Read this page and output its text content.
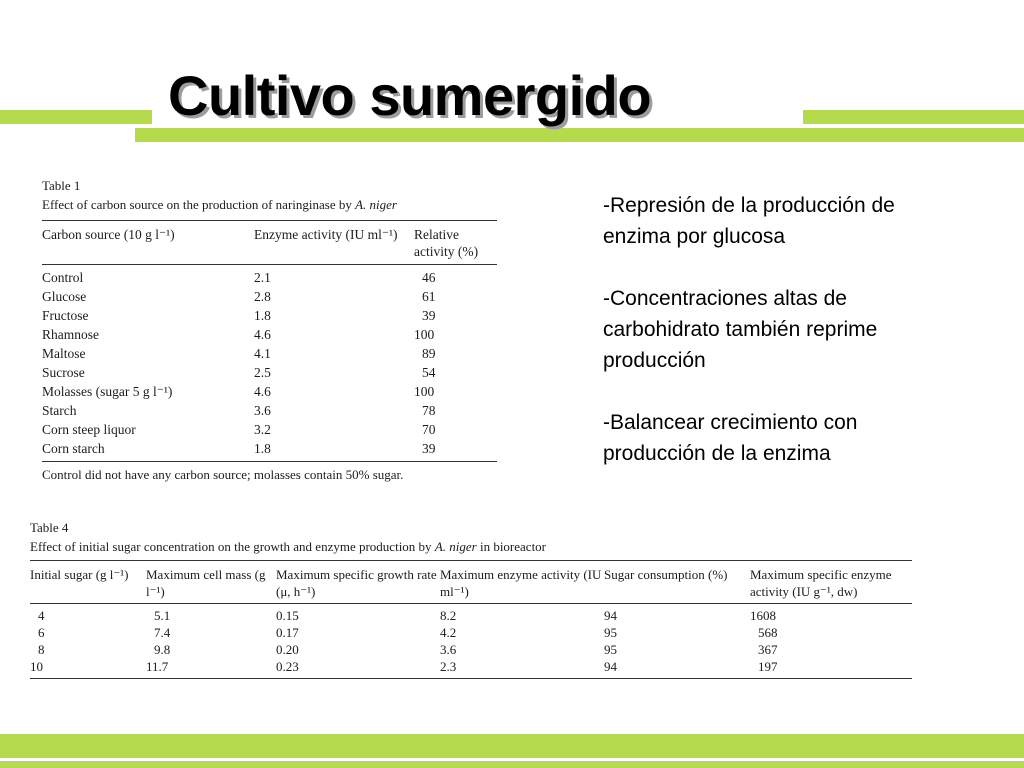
Cultivo sumergido

-Represión de la producción de enzima por glucosa

-Concentraciones altas de carbohidrato también reprime producción

-Balancear crecimiento con producción de la enzima

Table 1
Effect of carbon source on the production of naringinase by A. niger
Carbon source (10 g l⁻¹)	Enzyme activity (IU ml⁻¹)	Relative activity (%)
Control	2.1	46
Glucose	2.8	61
Fructose	1.8	39
Rhamnose	4.6	100
Maltose	4.1	89
Sucrose	2.5	54
Molasses (sugar 5 g l⁻¹)	4.6	100
Starch	3.6	78
Corn steep liquor	3.2	70
Corn starch	1.8	39
Control did not have any carbon source; molasses contain 50% sugar.
Table 4
Effect of initial sugar concentration on the growth and enzyme production by A. niger in bioreactor
Initial sugar (g l⁻¹)	Maximum cell mass (g l⁻¹)	Maximum specific growth rate (μ, h⁻¹)	Maximum enzyme activity (IU ml⁻¹)	Sugar consumption (%)	Maximum specific enzyme activity (IU g⁻¹, dw)
4	5.1	0.15	8.2	94	1608
6	7.4	0.17	4.2	95	568
8	9.8	0.20	3.6	95	367
10	11.7	0.23	2.3	94	197
